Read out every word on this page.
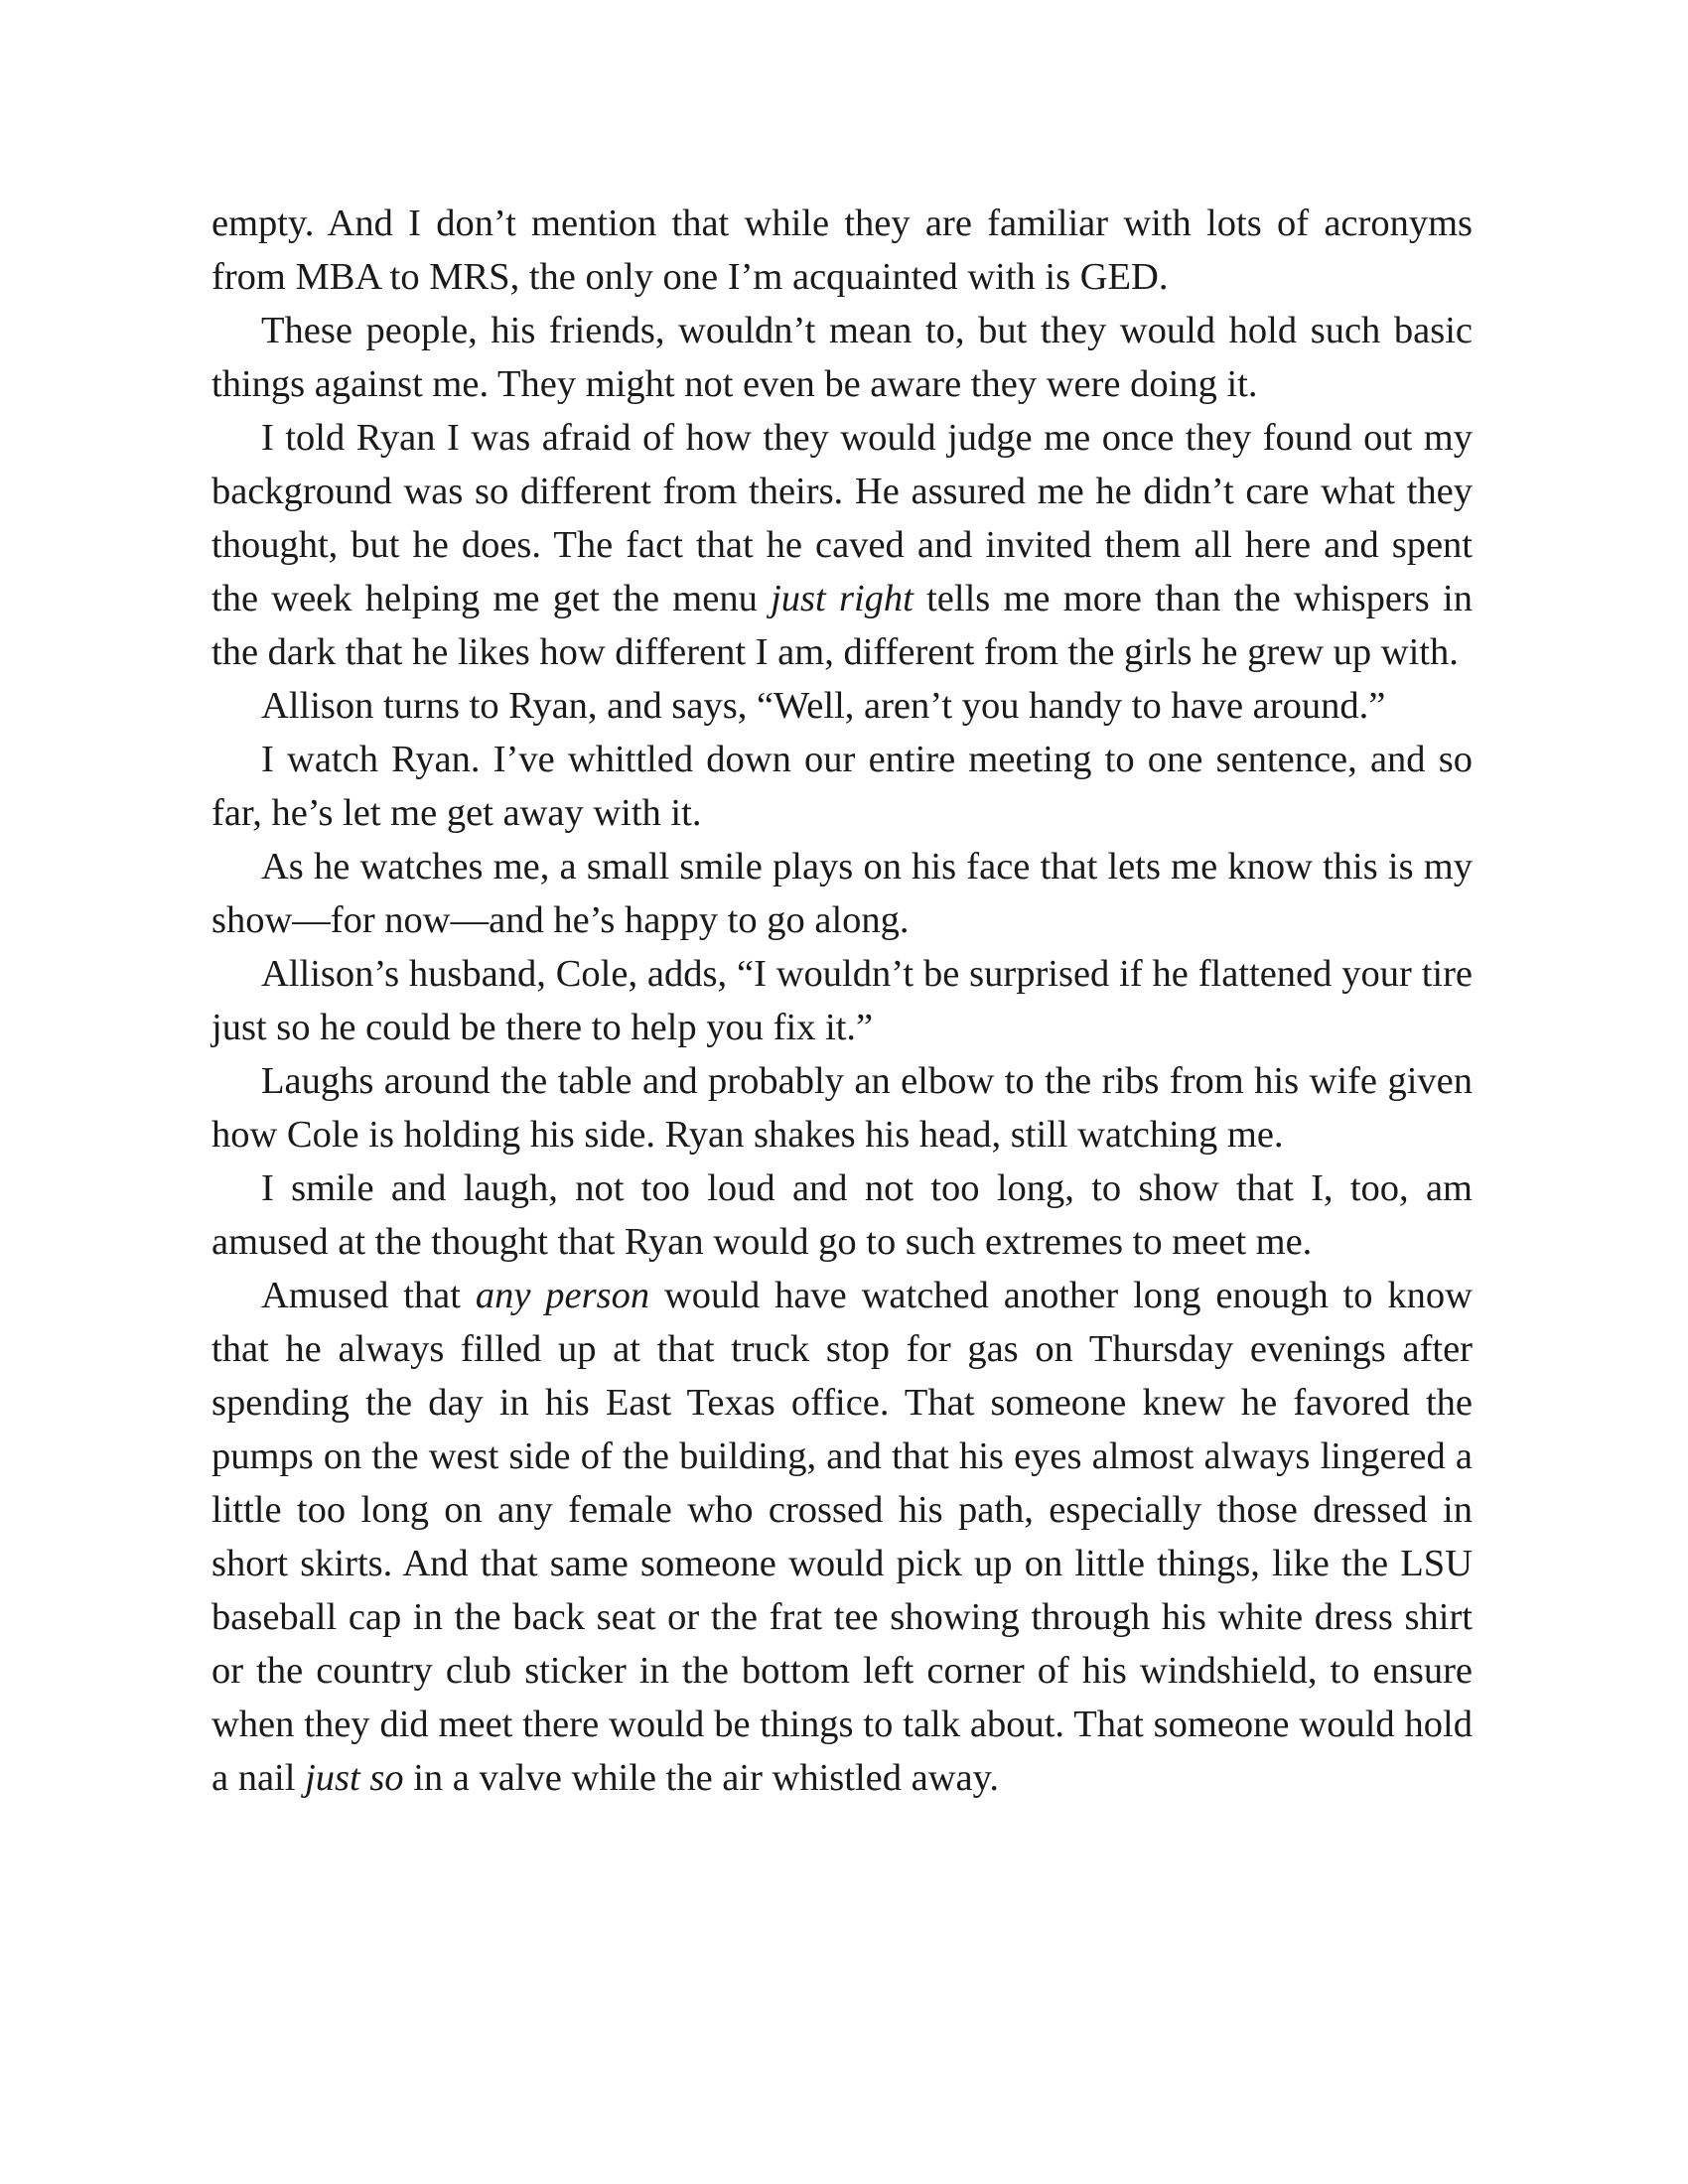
empty. And I don’t mention that while they are familiar with lots of acronyms from MBA to MRS, the only one I’m acquainted with is GED.

These people, his friends, wouldn’t mean to, but they would hold such basic things against me. They might not even be aware they were doing it.

I told Ryan I was afraid of how they would judge me once they found out my background was so different from theirs. He assured me he didn’t care what they thought, but he does. The fact that he caved and invited them all here and spent the week helping me get the menu just right tells me more than the whispers in the dark that he likes how different I am, different from the girls he grew up with.

Allison turns to Ryan, and says, “Well, aren’t you handy to have around.”

I watch Ryan. I’ve whittled down our entire meeting to one sentence, and so far, he’s let me get away with it.

As he watches me, a small smile plays on his face that lets me know this is my show—for now—and he’s happy to go along.

Allison’s husband, Cole, adds, “I wouldn’t be surprised if he flattened your tire just so he could be there to help you fix it.”

Laughs around the table and probably an elbow to the ribs from his wife given how Cole is holding his side. Ryan shakes his head, still watching me.

I smile and laugh, not too loud and not too long, to show that I, too, am amused at the thought that Ryan would go to such extremes to meet me.

Amused that any person would have watched another long enough to know that he always filled up at that truck stop for gas on Thursday evenings after spending the day in his East Texas office. That someone knew he favored the pumps on the west side of the building, and that his eyes almost always lingered a little too long on any female who crossed his path, especially those dressed in short skirts. And that same someone would pick up on little things, like the LSU baseball cap in the back seat or the frat tee showing through his white dress shirt or the country club sticker in the bottom left corner of his windshield, to ensure when they did meet there would be things to talk about. That someone would hold a nail just so in a valve while the air whistled away.
